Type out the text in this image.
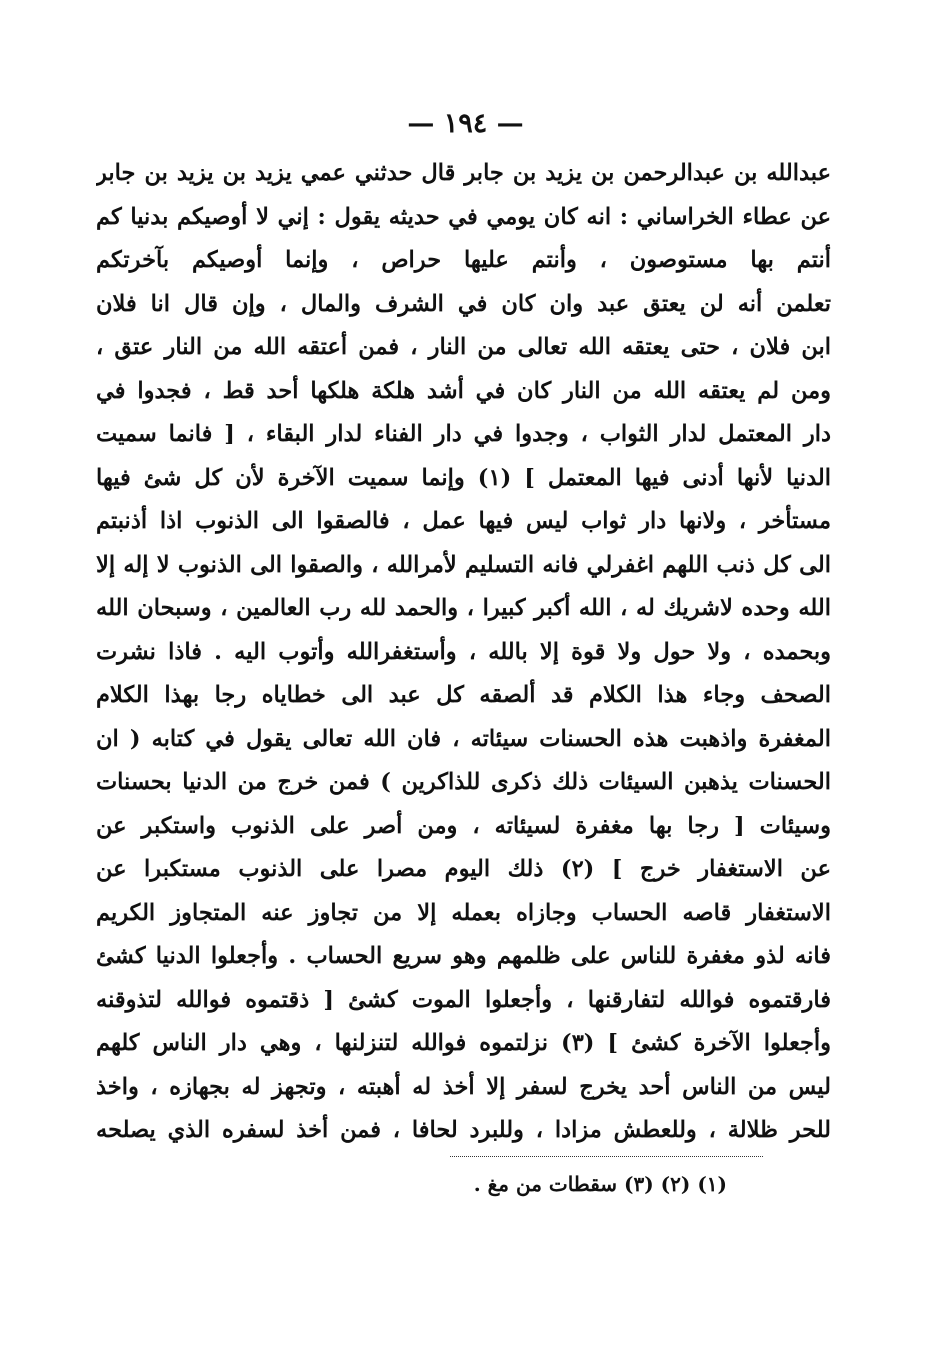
— ١٩٤ —
عبدالله بن عبدالرحمن بن يزيد بن جابر قال حدثني عمي يزيد بن يزيد بن جابر
عن عطاء الخراساني : انه كان يومي في حديثه يقول : إني لا أوصيكم بدنيا كم
أنتم بها مستوصون ، وأنتم عليها حراص ، وإنما أوصيكم بآخرتكم
تعلمن أنه لن يعتق عبد وان كان في الشرف والمال ، وإن قال انا فلان
ابن فلان ، حتى يعتقه الله تعالى من النار ، فمن أعتقه الله من النار عتق ،
ومن لم يعتقه الله من النار كان في أشد هلكة هلكها أحد قط ، فجدوا في
دار المعتمل لدار الثواب ، وجدوا في دار الفناء لدار البقاء ، [ فانما سميت
الدنيا لأنها أدنى فيها المعتمل ] (١) وإنما سميت الآخرة لأن كل شئ فيها
مستأخر ، ولانها دار ثواب ليس فيها عمل ، فالصقوا الى الذنوب اذا أذنبتم
الى كل ذنب اللهم اغفرلي فانه التسليم لأمرالله ، والصقوا الى الذنوب لا إله إلا
الله وحده لاشريك له ، الله أكبر كبيرا ، والحمد لله رب العالمين ، وسبحان الله
وبحمده ، ولا حول ولا قوة إلا بالله ، وأستغفرالله وأتوب اليه . فاذا نشرت
الصحف وجاء هذا الكلام قد ألصقه كل عبد الى خطاياه رجا بهذا الكلام
المغفرة واذهبت هذه الحسنات سيئاته ، فان الله تعالى يقول في كتابه ( ان
الحسنات يذهبن السيئات ذلك ذكرى للذاكرين ) فمن خرج من الدنيا بحسنات
وسيئات [ رجا بها مغفرة لسيئاته ، ومن أصر على الذنوب واستكبر عن
عن الاستغفار خرج ] (٢) ذلك اليوم مصرا على الذنوب مستكبرا عن
الاستغفار قاصه الحساب وجازاه بعمله إلا من تجاوز عنه المتجاوز الكريم
فانه لذو مغفرة للناس على ظلمهم وهو سريع الحساب . وأجعلوا الدنيا كشئ
فارقتموه فوالله لتفارقنها ، وأجعلوا الموت كشئ [ ذقتموه فوالله لتذوقنه
وأجعلوا الآخرة كشئ ] (٣) نزلتموه فوالله لتنزلنها ، وهي دار الناس كلهم
ليس من الناس أحد يخرج لسفر إلا أخذ له أهبته ، وتجهز له بجهازه ، واخذ
للحر ظلالة ، وللعطش مزادا ، وللبرد لحافا ، فمن أخذ لسفره الذي يصلحه
(١) (٢) (٣) سقطات من مغ .
